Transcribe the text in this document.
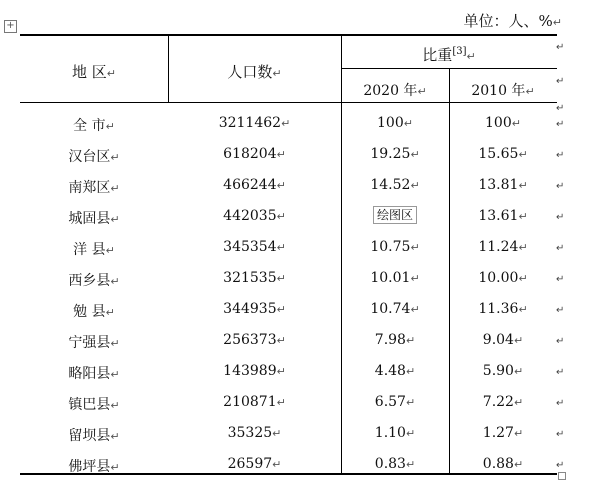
+	单位：人、%↵
地 区↵	人口数↵
比重[3]↵
2020 年↵	2010 年↵
全 市↵	3211462↵	100↵	100↵
汉台区↵	618204↵	19.25↵	15.65↵
南郑区↵	466244↵	14.52↵	13.81↵
城固县↵	442035↵	绘图区	13.61↵
洋 县↵	345354↵	10.75↵	11.24↵
西乡县↵	321535↵	10.01↵	10.00↵
勉 县↵	344935↵	10.74↵	11.36↵
宁强县↵	256373↵	7.98↵	9.04↵
略阳县↵	143989↵	4.48↵	5.90↵
镇巴县↵	210871↵	6.57↵	7.22↵
留坝县↵	35325↵	1.10↵	1.27↵
佛坪县↵	26597↵	0.83↵	0.88↵
↵
↵
↵
↵
↵
↵
↵
↵
↵
↵
↵
↵
↵
↵
↵
